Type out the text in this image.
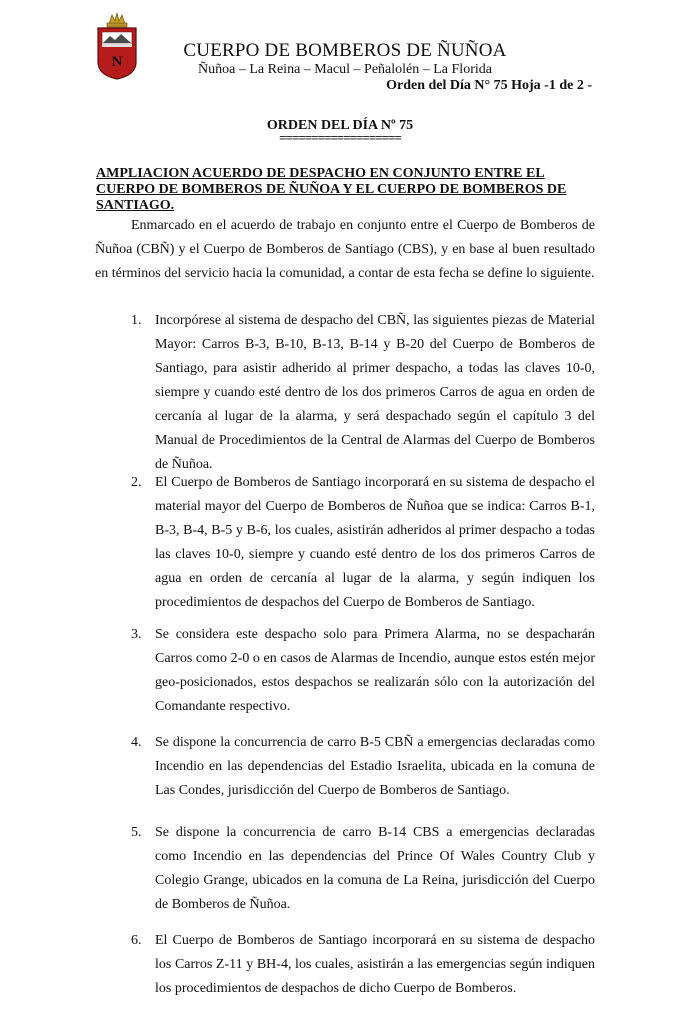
N
CUERPO DE BOMBEROS DE ÑUÑOA
Ñuñoa – La Reina – Macul – Peñalolén – La Florida
Orden del Día N° 75 Hoja -1 de 2 -
ORDEN DEL DÍA Nº 75
===================
AMPLIACION ACUERDO DE DESPACHO EN CONJUNTO ENTRE EL CUERPO DE BOMBEROS DE ÑUÑOA Y EL CUERPO DE BOMBEROS DE SANTIAGO.
Enmarcado en el acuerdo de trabajo en conjunto entre el Cuerpo de Bomberos de Ñuñoa (CBÑ) y el Cuerpo de Bomberos de Santiago (CBS), y en base al buen resultado en términos del servicio hacia la comunidad, a contar de esta fecha se define lo siguiente.
1. Incorpórese al sistema de despacho del CBÑ, las siguientes piezas de Material Mayor: Carros B-3, B-10, B-13, B-14 y B-20 del Cuerpo de Bomberos de Santiago, para asistir adherido al primer despacho, a todas las claves 10-0, siempre y cuando esté dentro de los dos primeros Carros de agua en orden de cercanía al lugar de la alarma, y será despachado según el capítulo 3 del Manual de Procedimientos de la Central de Alarmas del Cuerpo de Bomberos de Ñuñoa.
2. El Cuerpo de Bomberos de Santiago incorporará en su sistema de despacho el material mayor del Cuerpo de Bomberos de Ñuñoa que se indica: Carros B-1, B-3, B-4, B-5 y B-6, los cuales, asistirán adheridos al primer despacho a todas las claves 10-0, siempre y cuando esté dentro de los dos primeros Carros de agua en orden de cercanía al lugar de la alarma, y según indiquen los procedimientos de despachos del Cuerpo de Bomberos de Santiago.
3. Se considera este despacho solo para Primera Alarma, no se despacharán Carros como 2-0 o en casos de Alarmas de Incendio, aunque estos estén mejor geo-posicionados, estos despachos se realizarán sólo con la autorización del Comandante respectivo.
4. Se dispone la concurrencia de carro B-5 CBÑ a emergencias declaradas como Incendio en las dependencias del Estadio Israelita, ubicada en la comuna de Las Condes, jurisdicción del Cuerpo de Bomberos de Santiago.
5. Se dispone la concurrencia de carro B-14 CBS a emergencias declaradas como Incendio en las dependencias del Prince Of Wales Country Club y Colegio Grange, ubicados en la comuna de La Reina, jurisdicción del Cuerpo de Bomberos de Ñuñoa.
6. El Cuerpo de Bomberos de Santiago incorporará en su sistema de despacho los Carros Z-11 y BH-4, los cuales, asistirán a las emergencias según indiquen los procedimientos de despachos de dicho Cuerpo de Bomberos.
